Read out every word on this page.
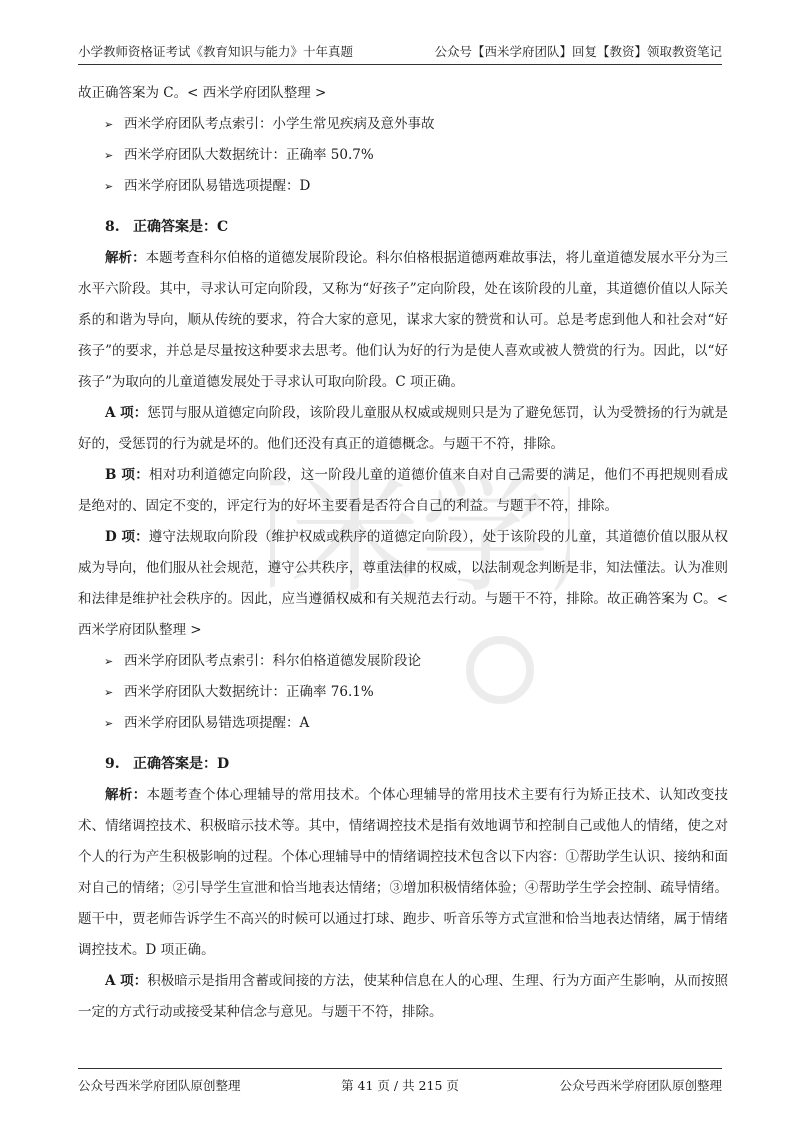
小学教师资格证考试《教育知识与能力》十年真题	公众号【西米学府团队】回复【教资】领取教资笔记
米学

故正确答案为 C。< 西米学府团队整理 >

➢ 西米学府团队考点索引：小学生常见疾病及意外事故
➢ 西米学府团队大数据统计：正确率 50.7%
➢ 西米学府团队易错选项提醒：D

8. 正确答案是：C

解析：本题考查科尔伯格的道德发展阶段论。科尔伯格根据道德两难故事法，将儿童道德发展水平分为三水平六阶段。其中，寻求认可定向阶段，又称为“好孩子”定向阶段，处在该阶段的儿童，其道德价值以人际关系的和谐为导向，顺从传统的要求，符合大家的意见，谋求大家的赞赏和认可。总是考虑到他人和社会对“好孩子”的要求，并总是尽量按这种要求去思考。他们认为好的行为是使人喜欢或被人赞赏的行为。因此，以“好孩子”为取向的儿童道德发展处于寻求认可取向阶段。C 项正确。

A 项：惩罚与服从道德定向阶段，该阶段儿童服从权威或规则只是为了避免惩罚，认为受赞扬的行为就是好的，受惩罚的行为就是坏的。他们还没有真正的道德概念。与题干不符，排除。

B 项：相对功利道德定向阶段，这一阶段儿童的道德价值来自对自己需要的满足，他们不再把规则看成是绝对的、固定不变的，评定行为的好坏主要看是否符合自己的利益。与题干不符，排除。

D 项：遵守法规取向阶段（维护权威或秩序的道德定向阶段），处于该阶段的儿童，其道德价值以服从权威为导向，他们服从社会规范，遵守公共秩序，尊重法律的权威，以法制观念判断是非，知法懂法。认为准则和法律是维护社会秩序的。因此，应当遵循权威和有关规范去行动。与题干不符，排除。故正确答案为 C。< 西米学府团队整理 >

➢ 西米学府团队考点索引：科尔伯格道德发展阶段论
➢ 西米学府团队大数据统计：正确率 76.1%
➢ 西米学府团队易错选项提醒：A

9. 正确答案是：D

解析：本题考查个体心理辅导的常用技术。个体心理辅导的常用技术主要有行为矫正技术、认知改变技术、情绪调控技术、积极暗示技术等。其中，情绪调控技术是指有效地调节和控制自己或他人的情绪，使之对个人的行为产生积极影响的过程。个体心理辅导中的情绪调控技术包含以下内容：①帮助学生认识、接纳和面对自己的情绪；②引导学生宣泄和恰当地表达情绪；③增加积极情绪体验；④帮助学生学会控制、疏导情绪。题干中，贾老师告诉学生不高兴的时候可以通过打球、跑步、听音乐等方式宣泄和恰当地表达情绪，属于情绪调控技术。D 项正确。

A 项：积极暗示是指用含蓄或间接的方法，使某种信息在人的心理、生理、行为方面产生影响，从而按照一定的方式行动或接受某种信念与意见。与题干不符，排除。

公众号西米学府团队原创整理	第 41 页 / 共 215 页	公众号西米学府团队原创整理
